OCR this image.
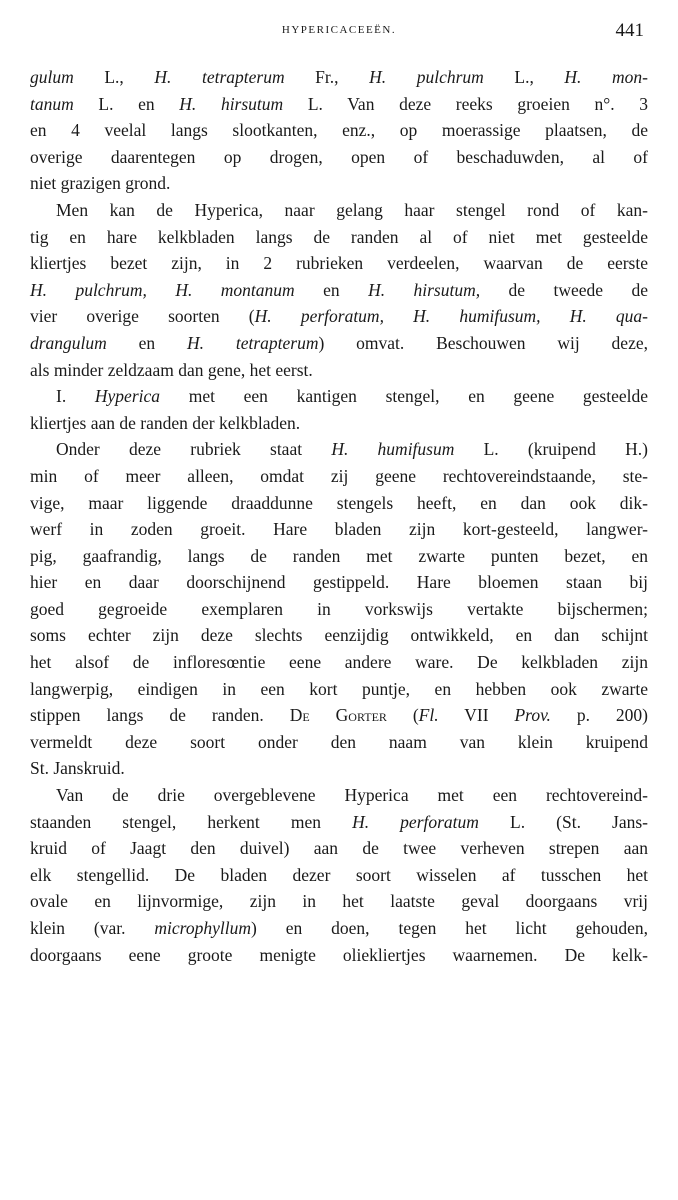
HYPERICACEEËN.	441
gulum L., H. tetrapterum Fr., H. pulchrum L., H. mon-
tanum L. en H. hirsutum L. Van deze reeks groeien n°. 3
en 4 veelal langs slootkanten, enz., op moerassige plaatsen, de
overige daarentegen op drogen, open of beschaduwden, al of
niet grazigen grond.
Men kan de Hyperica, naar gelang haar stengel rond of kan-
tig en hare kelkbladen langs de randen al of niet met gesteelde
kliertjes bezet zijn, in 2 rubrieken verdeelen, waarvan de eerste
H. pulchrum, H. montanum en H. hirsutum, de tweede de
vier overige soorten (H. perforatum, H. humifusum, H. qua-
drangulum en H. tetrapterum) omvat. Beschouwen wij deze,
als minder zeldzaam dan gene, het eerst.
I. Hyperica met een kantigen stengel, en geene gesteelde
kliertjes aan de randen der kelkbladen.
Onder deze rubriek staat H. humifusum L. (kruipend H.)
min of meer alleen, omdat zij geene rechtovereindstaande, ste-
vige, maar liggende draaddunne stengels heeft, en dan ook dik-
werf in zoden groeit. Hare bladen zijn kort-gesteeld, langwer-
pig, gaafrandig, langs de randen met zwarte punten bezet, en
hier en daar doorschijnend gestippeld. Hare bloemen staan bij
goed gegroeide exemplaren in vorkswijs vertakte bijschermen;
soms echter zijn deze slechts eenzijdig ontwikkeld, en dan schijnt
het alsof de infloresœntie eene andere ware. De kelkbladen zijn
langwerpig, eindigen in een kort puntje, en hebben ook zwarte
stippen langs de randen. De Gorter (Fl. VII Prov. p. 200)
vermeldt deze soort onder den naam van klein kruipend
St. Janskruid.
Van de drie overgeblevene Hyperica met een rechtovereind-
staanden stengel, herkent men H. perforatum L. (St. Jans-
kruid of Jaagt den duivel) aan de twee verheven strepen aan
elk stengellid. De bladen dezer soort wisselen af tusschen het
ovale en lijnvormige, zijn in het laatste geval doorgaans vrij
klein (var. microphyllum) en doen, tegen het licht gehouden,
doorgaans eene groote menigte oliekliertjes waarnemen. De kelk-
